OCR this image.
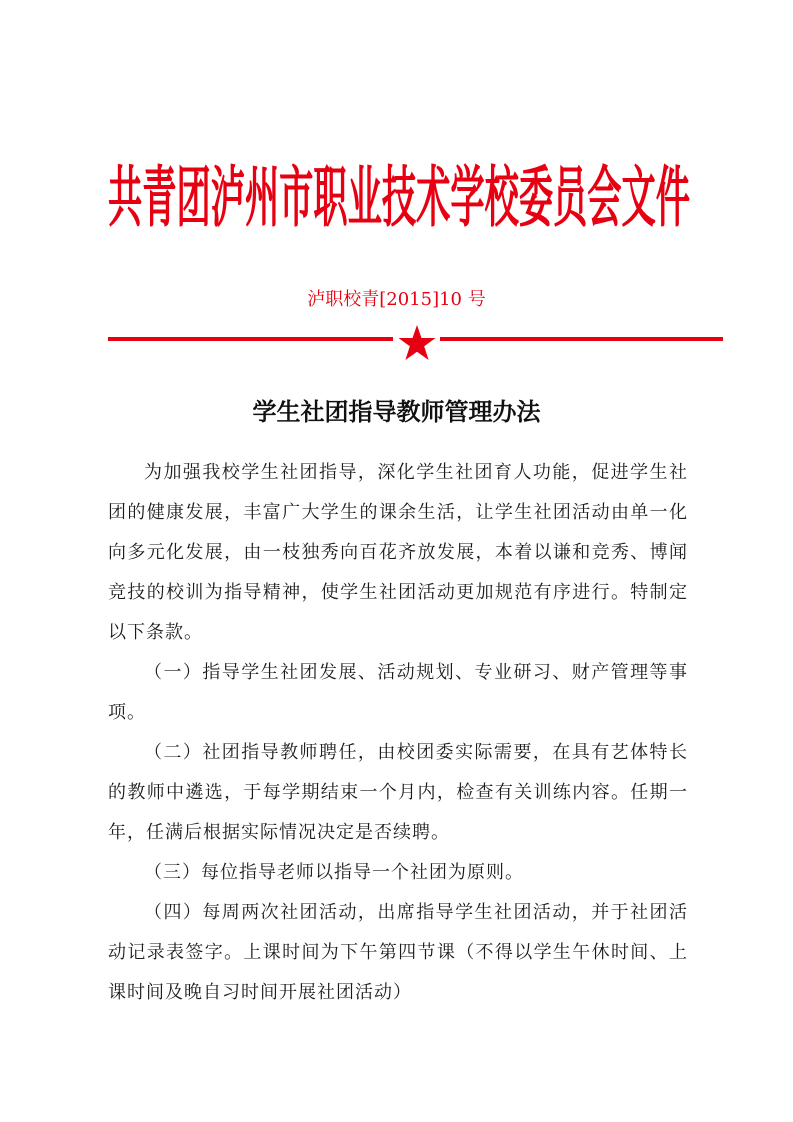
共青团泸州市职业技术学校委员会文件
泸职校青[2015]10 号
学生社团指导教师管理办法

为加强我校学生社团指导，深化学生社团育人功能，促进学生社团的健康发展，丰富广大学生的课余生活，让学生社团活动由单一化向多元化发展，由一枝独秀向百花齐放发展，本着以谦和竞秀、博闻竞技的校训为指导精神，使学生社团活动更加规范有序进行。特制定以下条款。

（一）指导学生社团发展、活动规划、专业研习、财产管理等事项。

（二）社团指导教师聘任，由校团委实际需要，在具有艺体特长的教师中遴选，于每学期结束一个月内，检查有关训练内容。任期一年，任满后根据实际情况决定是否续聘。

（三）每位指导老师以指导一个社团为原则。

（四）每周两次社团活动，出席指导学生社团活动，并于社团活动记录表签字。上课时间为下午第四节课（不得以学生午休时间、上课时间及晚自习时间开展社团活动）
